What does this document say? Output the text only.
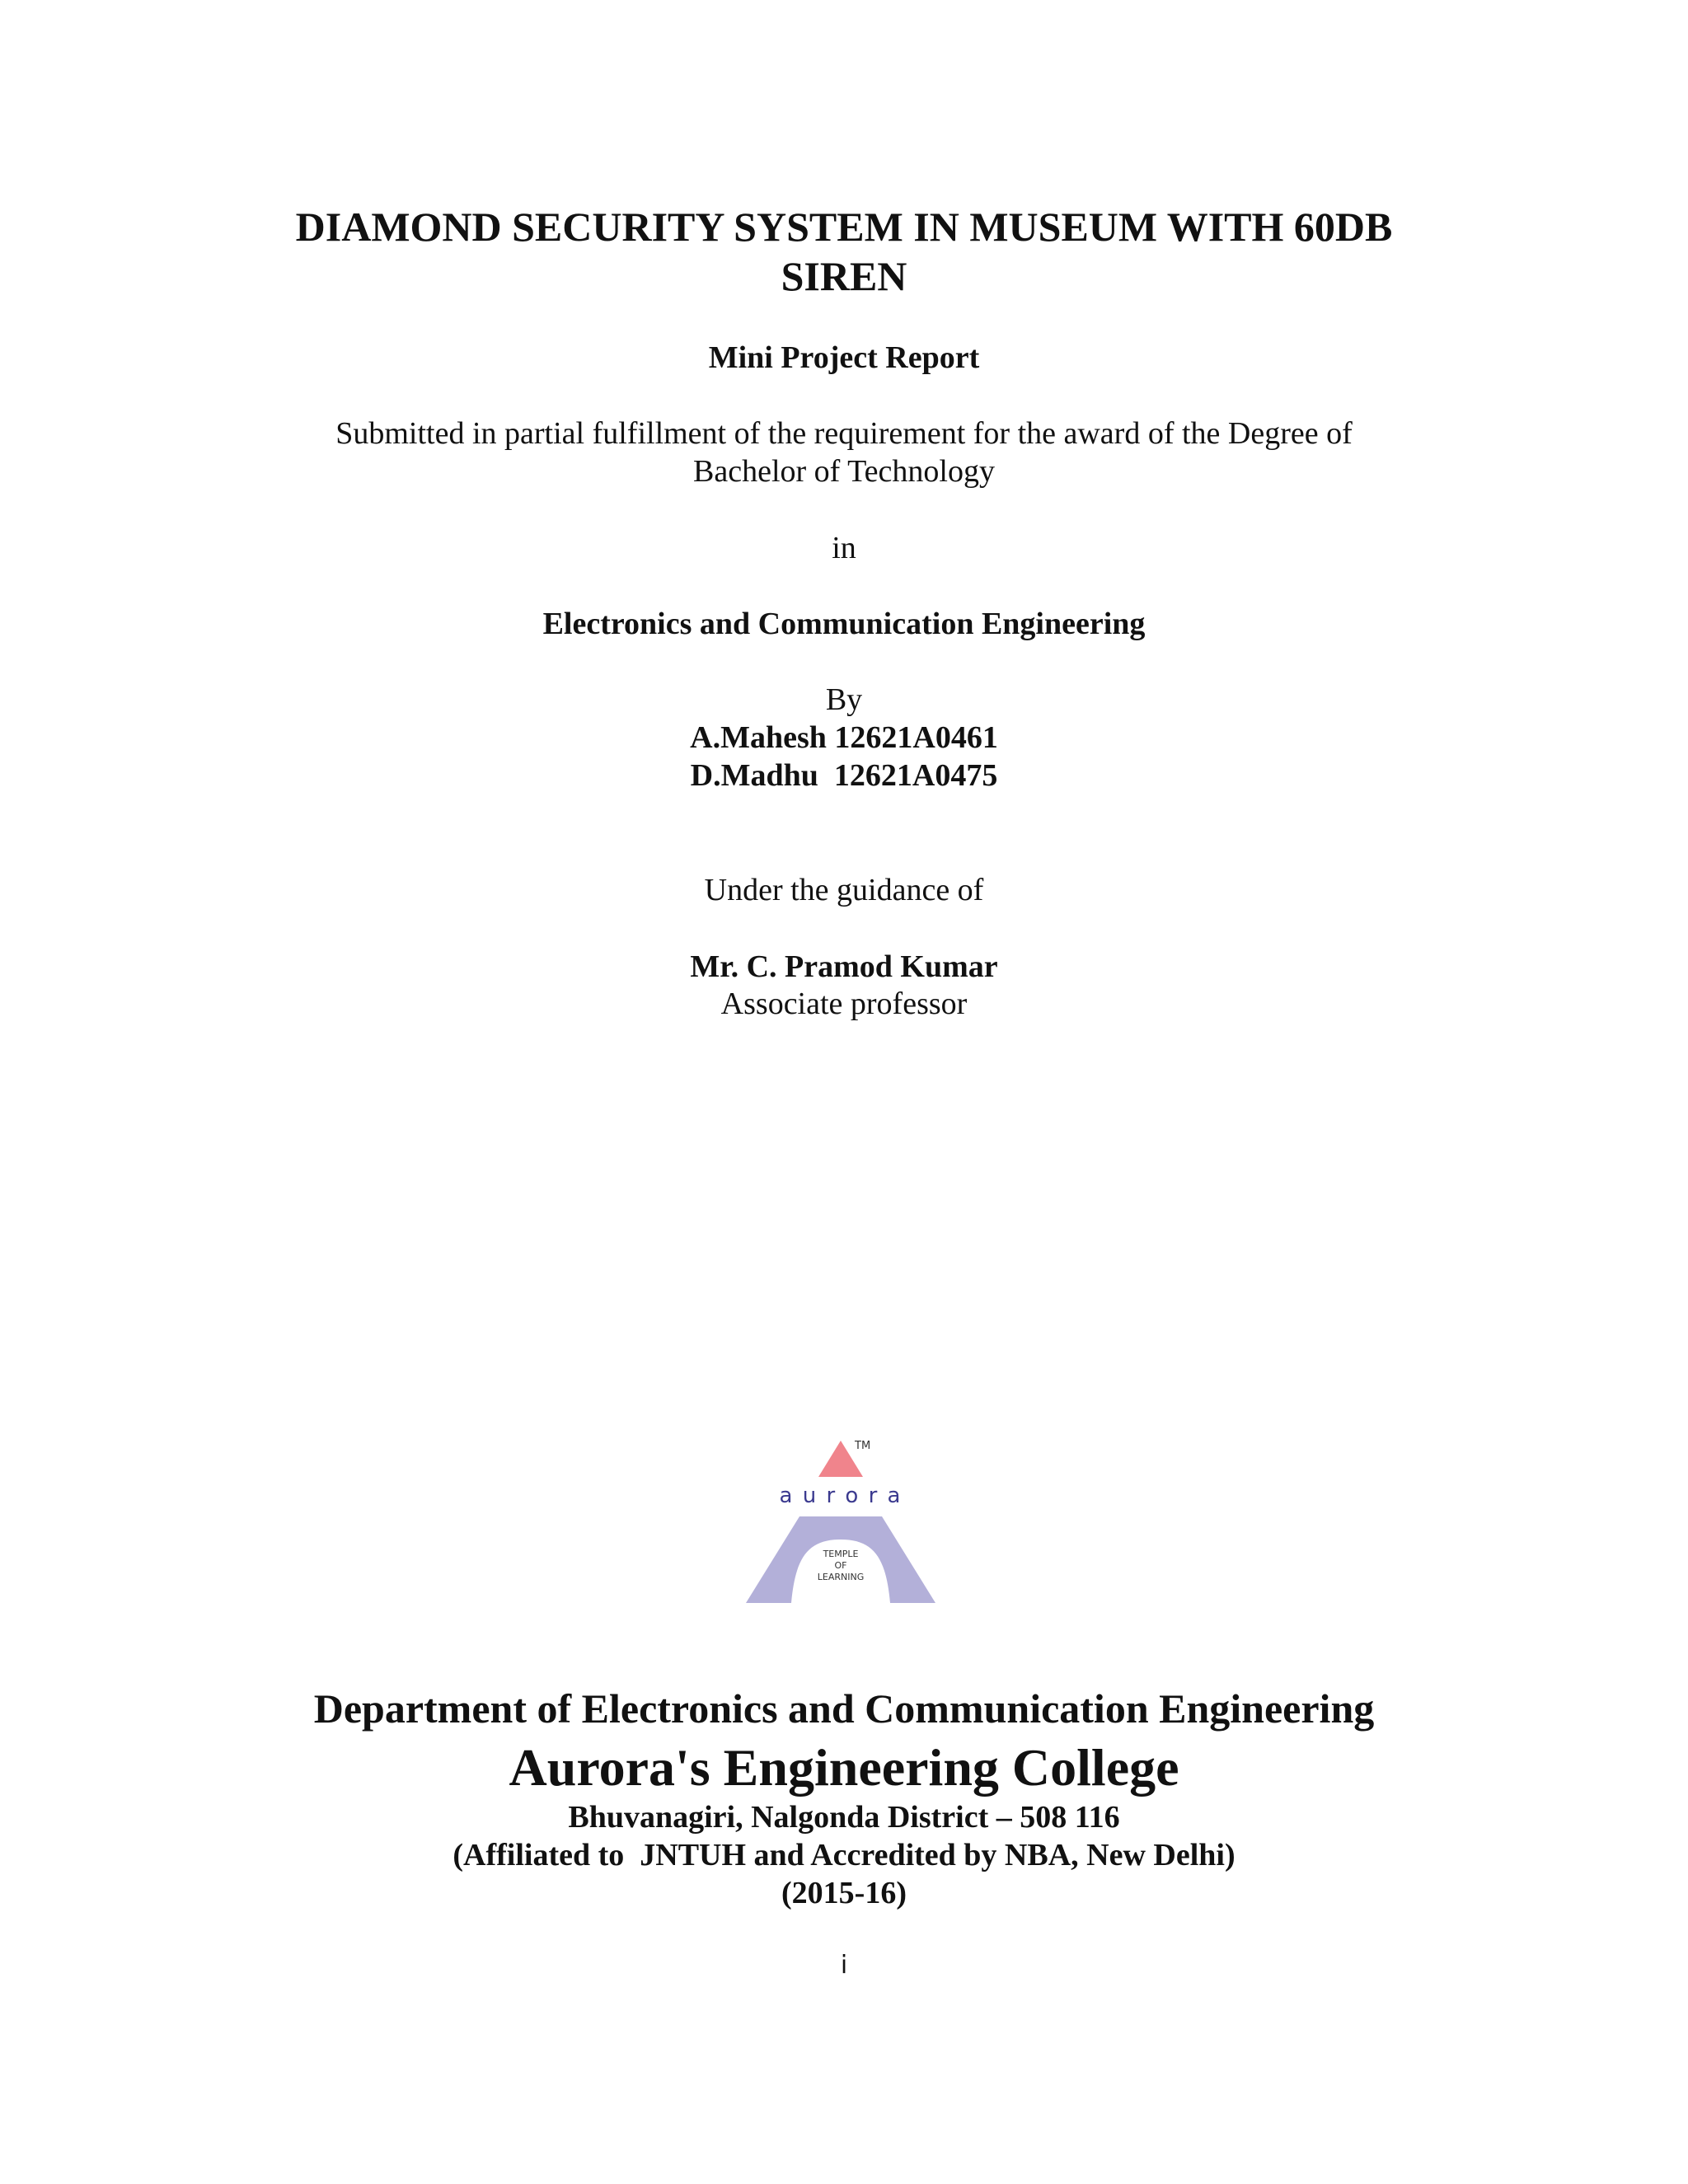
DIAMOND SECURITY SYSTEM IN MUSEUM WITH 60DB
SIREN
Mini Project Report
Submitted in partial fulfillment of the requirement for the award of the Degree of
Bachelor of Technology
in
Electronics and Communication Engineering
By
A.Mahesh 12621A0461
D.Madhu  12621A0475
Under the guidance of
Mr. C. Pramod Kumar
Associate professor
TM
a u r o r a
TEMPLE
OF
LEARNING
Department of Electronics and Communication Engineering
Aurora's Engineering College
Bhuvanagiri, Nalgonda District – 508 116
(Affiliated to  JNTUH and Accredited by NBA, New Delhi)
(2015-16)
i
